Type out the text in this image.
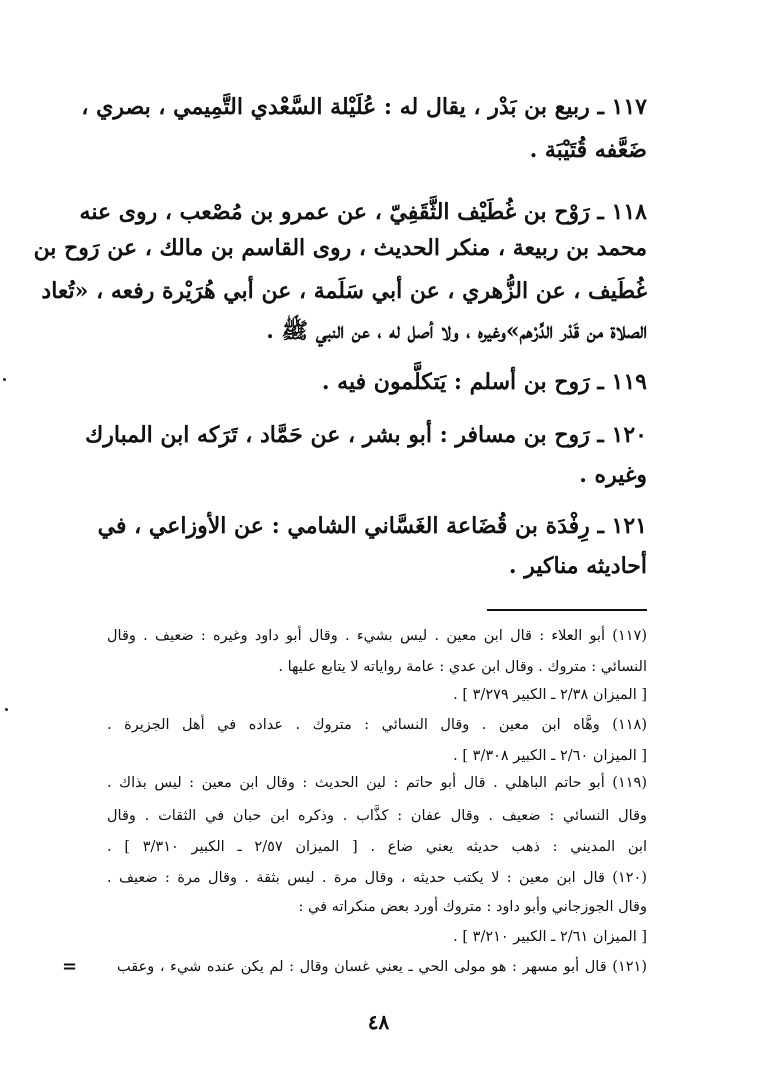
١١٧ ـ ربيع بن بَدْر ، يقال له : عُلَيْلة السَّعْدي التَّمِيمي ، بصري ،
ضَعَّفه قُتَيْبَة .
١١٨ ـ رَوْح بن غُطَيْف الثَّقَفِيّ ، عن عمرو بن مُصْعب ، روى عنه
محمد بن ربيعة ، منكر الحديث ، روى القاسم بن مالك ، عن رَوح بن
غُطَيف ، عن الزُّهري ، عن أبي سَلَمة ، عن أبي هُرَيْرة رفعه ، «تُعاد
الصلاة من قَدْر الدِّرْهم»وغيره ، ولا أصل له ، عن النبي ﷺ .
١١٩ ـ رَوح بن أسلم : يَتكلَّمون فيه .
١٢٠ ـ رَوح بن مسافر : أبو بشر ، عن حَمَّاد ، تَرَكه ابن المبارك
وغيره .
١٢١ ـ رِفْدَة بن قُضَاعة الغَسَّاني الشامي : عن الأوزاعي ، في
أحاديثه مناكير .
(١١٧) أبو العلاء : قال ابن معين . ليس بشيء . وقال أبو داود وغيره : ضعيف . وقال
النسائي : متروك . وقال ابن عدي : عامة رواياته لا يتابع عليها .
[ الميزان ٢/٣٨ ـ الكبير ٣/٢٧٩ ] .
(١١٨) وهَّاه ابن معين . وقال النسائي : متروك . عداده في أهل الجزيرة .
[ الميزان ٢/٦٠ ـ الكبير ٣/٣٠٨ ] .
(١١٩) أبو حاتم الباهلي . قال أبو حاتم : لين الحديث : وقال ابن معين : ليس بذاك .
وقال النسائي : ضعيف . وقال عفان : كذَّاب . وذكره ابن حبان في الثقات . وقال
ابن المديني : ذهب حديثه يعني ضاع . [ الميزان ٢/٥٧ ـ الكبير ٣/٣١٠ ] .
(١٢٠) قال ابن معين : لا يكتب حديثه ، وقال مرة . ليس بثقة . وقال مرة : ضعيف .
وقال الجوزجاني وأبو داود : متروك أورد بعض منكراته في :
[ الميزان ٢/٦١ ـ الكبير ٣/٢١٠ ] .
(١٢١) قال أبو مسهر : هو مولى الحي ـ يعني غسان وقال : لم يكن عنده شيء ، وعقب
=
٤٨
